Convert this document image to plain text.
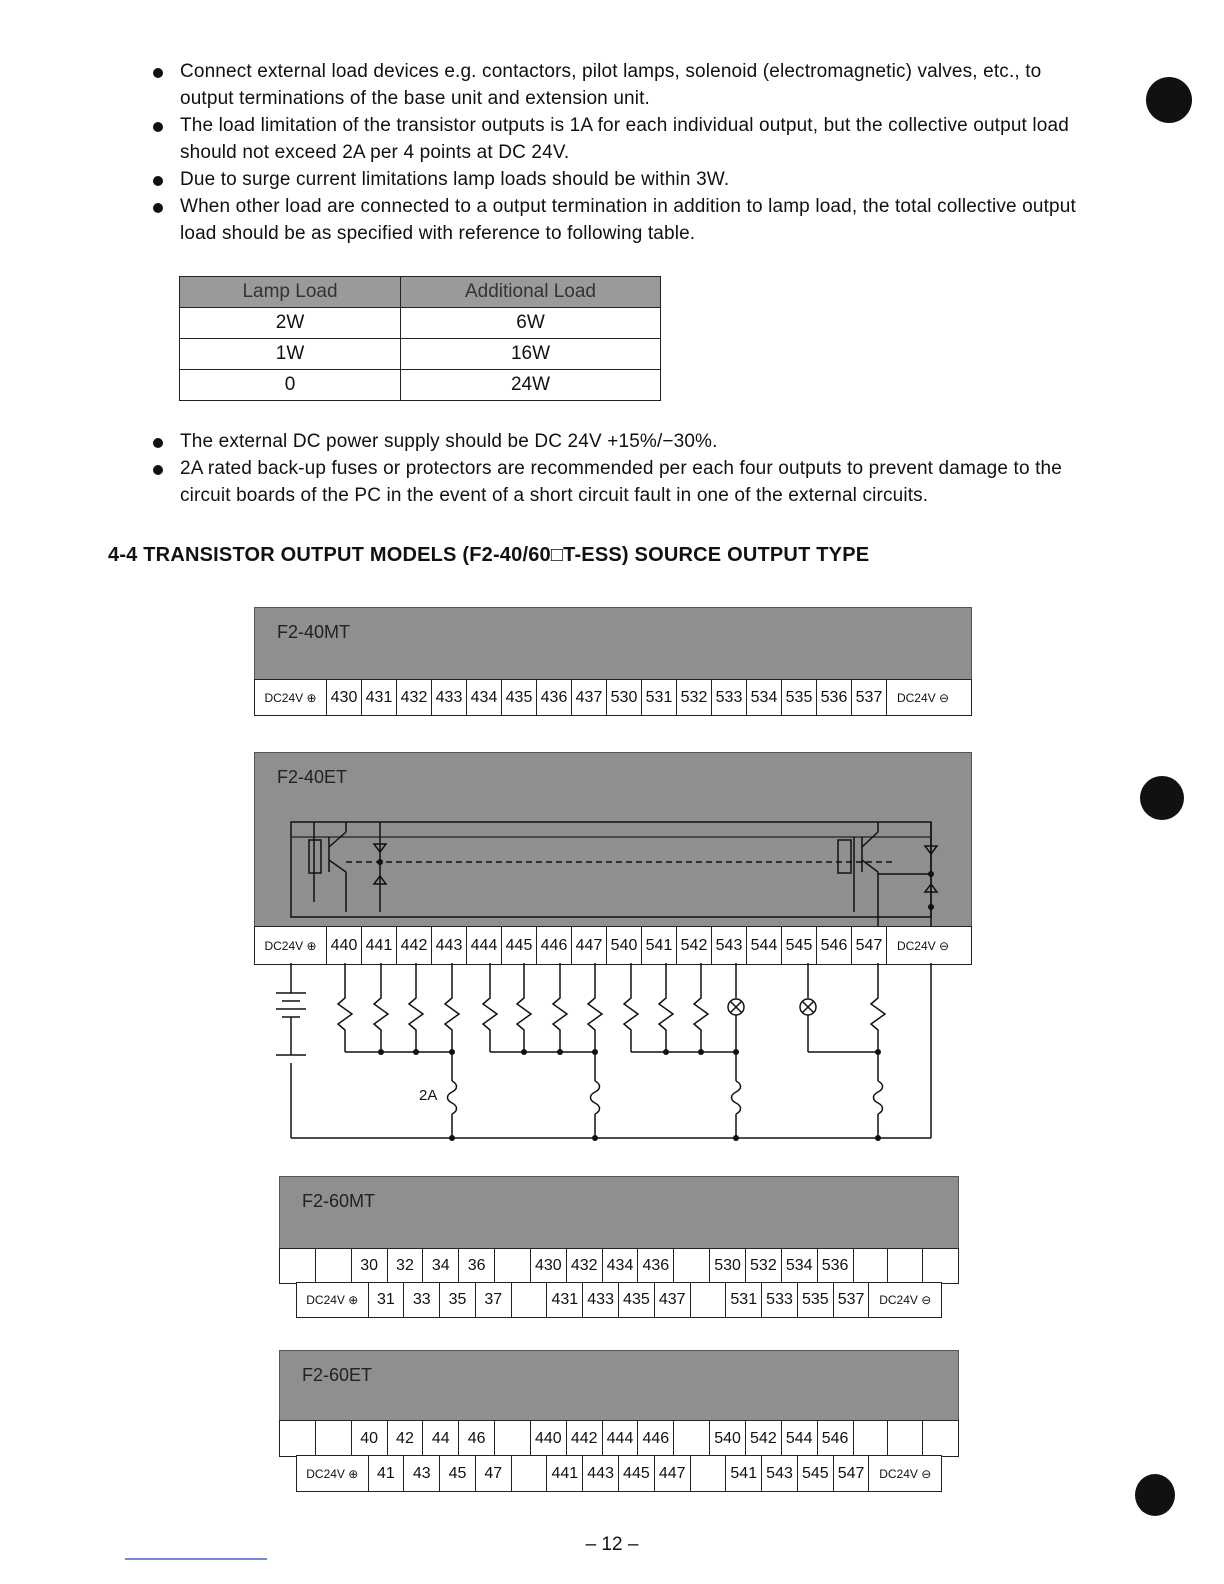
Connect external load devices e.g. contactors, pilot lamps, solenoid (electromagnetic) valves, etc., to output terminations of the base unit and extension unit.
The load limitation of the transistor outputs is 1A for each individual output, but the collective output load should not exceed 2A per 4 points at DC 24V.
Due to surge current limitations lamp loads should be within 3W.
When other load are connected to a output termination in addition to lamp load, the total collective output load should be as specified with reference to following table.
Lamp Load	Additional Load
2W	6W
1W	16W
0	24W
The external DC power supply should be DC 24V +15%/−30%.
2A rated back-up fuses or protectors are recommended per each four outputs to prevent damage to the circuit boards of the PC in the event of a short circuit fault in one of the external circuits.
4-4 TRANSISTOR OUTPUT MODELS (F2-40/60□T-ESS) SOURCE OUTPUT TYPE
F2-40MT
DC24V ⊕ 430 431 432 433 434 435 436 437 530 531 532 533 534 535 536 537	DC24V ⊖
F2-40ET
DC24V ⊕ 440 441 442 443 444 445 446 447 540 541 542 543 544 545 546 547	DC24V ⊖
2A
F2-60MT
30	32	34	36	430 432 434 436	530 532 534 536
DC24V ⊕	31	33	35	37	431 433 435 437	531 533 535 537	DC24V ⊖
F2-60ET
40	42	44	46	440 442 444 446	540 542 544 546
DC24V ⊕	41	43	45	47	441 443 445 447	541 543 545 547	DC24V ⊖
– 12 –
